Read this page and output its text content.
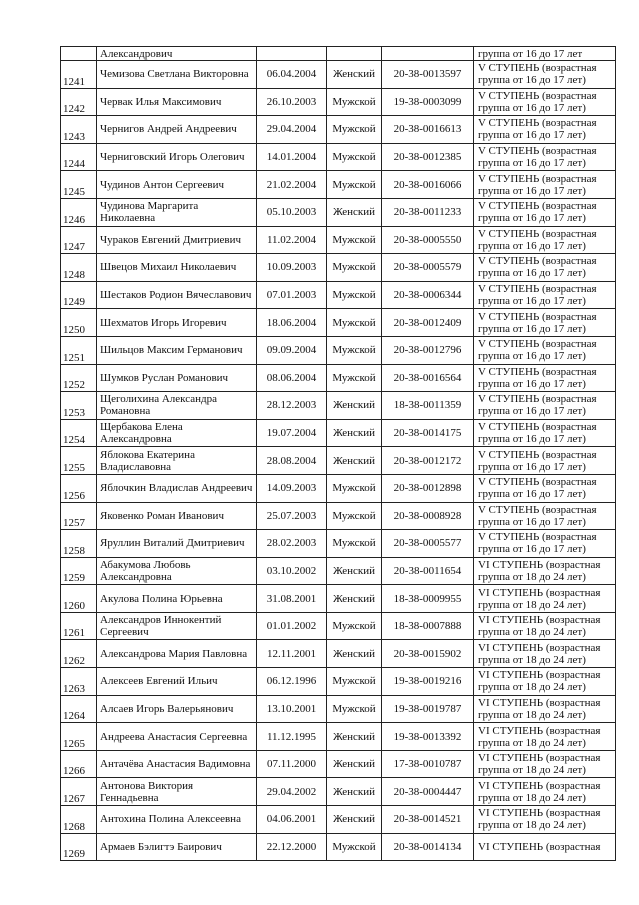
	Александрович				группа от 16 до 17 лет
1241	Чемизова Светлана Викторовна	06.04.2004	Женский	20-38-0013597	V СТУПЕНЬ (возрастная группа от 16 до 17 лет)
1242	Червак Илья Максимович	26.10.2003	Мужской	19-38-0003099	V СТУПЕНЬ (возрастная группа от 16 до 17 лет)
1243	Чернигов Андрей Андреевич	29.04.2004	Мужской	20-38-0016613	V СТУПЕНЬ (возрастная группа от 16 до 17 лет)
1244	Черниговский Игорь Олегович	14.01.2004	Мужской	20-38-0012385	V СТУПЕНЬ (возрастная группа от 16 до 17 лет)
1245	Чудинов Антон Сергеевич	21.02.2004	Мужской	20-38-0016066	V СТУПЕНЬ (возрастная группа от 16 до 17 лет)
1246	Чудинова Маргарита Николаевна	05.10.2003	Женский	20-38-0011233	V СТУПЕНЬ (возрастная группа от 16 до 17 лет)
1247	Чураков Евгений Дмитриевич	11.02.2004	Мужской	20-38-0005550	V СТУПЕНЬ (возрастная группа от 16 до 17 лет)
1248	Швецов Михаил Николаевич	10.09.2003	Мужской	20-38-0005579	V СТУПЕНЬ (возрастная группа от 16 до 17 лет)
1249	Шестаков Родион Вячеславович	07.01.2003	Мужской	20-38-0006344	V СТУПЕНЬ (возрастная группа от 16 до 17 лет)
1250	Шехматов Игорь Игоревич	18.06.2004	Мужской	20-38-0012409	V СТУПЕНЬ (возрастная группа от 16 до 17 лет)
1251	Шильцов Максим Германович	09.09.2004	Мужской	20-38-0012796	V СТУПЕНЬ (возрастная группа от 16 до 17 лет)
1252	Шумков Руслан Романович	08.06.2004	Мужской	20-38-0016564	V СТУПЕНЬ (возрастная группа от 16 до 17 лет)
1253	Щеголихина Александра Романовна	28.12.2003	Женский	18-38-0011359	V СТУПЕНЬ (возрастная группа от 16 до 17 лет)
1254	Щербакова Елена Александровна	19.07.2004	Женский	20-38-0014175	V СТУПЕНЬ (возрастная группа от 16 до 17 лет)
1255	Яблокова Екатерина Владиславовна	28.08.2004	Женский	20-38-0012172	V СТУПЕНЬ (возрастная группа от 16 до 17 лет)
1256	Яблочкин Владислав Андреевич	14.09.2003	Мужской	20-38-0012898	V СТУПЕНЬ (возрастная группа от 16 до 17 лет)
1257	Яковенко Роман Иванович	25.07.2003	Мужской	20-38-0008928	V СТУПЕНЬ (возрастная группа от 16 до 17 лет)
1258	Яруллин Виталий Дмитриевич	28.02.2003	Мужской	20-38-0005577	V СТУПЕНЬ (возрастная группа от 16 до 17 лет)
1259	Абакумова Любовь Александровна	03.10.2002	Женский	20-38-0011654	VI СТУПЕНЬ (возрастная группа от 18 до 24 лет)
1260	Акулова Полина Юрьевна	31.08.2001	Женский	18-38-0009955	VI СТУПЕНЬ (возрастная группа от 18 до 24 лет)
1261	Александров Иннокентий Сергеевич	01.01.2002	Мужской	18-38-0007888	VI СТУПЕНЬ (возрастная группа от 18 до 24 лет)
1262	Александрова Мария Павловна	12.11.2001	Женский	20-38-0015902	VI СТУПЕНЬ (возрастная группа от 18 до 24 лет)
1263	Алексеев Евгений Ильич	06.12.1996	Мужской	19-38-0019216	VI СТУПЕНЬ (возрастная группа от 18 до 24 лет)
1264	Алсаев Игорь Валерьянович	13.10.2001	Мужской	19-38-0019787	VI СТУПЕНЬ (возрастная группа от 18 до 24 лет)
1265	Андреева Анастасия Сергеевна	11.12.1995	Женский	19-38-0013392	VI СТУПЕНЬ (возрастная группа от 18 до 24 лет)
1266	Антачёва Анастасия Вадимовна	07.11.2000	Женский	17-38-0010787	VI СТУПЕНЬ (возрастная группа от 18 до 24 лет)
1267	Антонова Виктория Геннадьевна	29.04.2002	Женский	20-38-0004447	VI СТУПЕНЬ (возрастная группа от 18 до 24 лет)
1268	Антохина Полина Алексеевна	04.06.2001	Женский	20-38-0014521	VI СТУПЕНЬ (возрастная группа от 18 до 24 лет)
1269	Армаев Бэлигтэ Баирович	22.12.2000	Мужской	20-38-0014134	VI СТУПЕНЬ (возрастная
